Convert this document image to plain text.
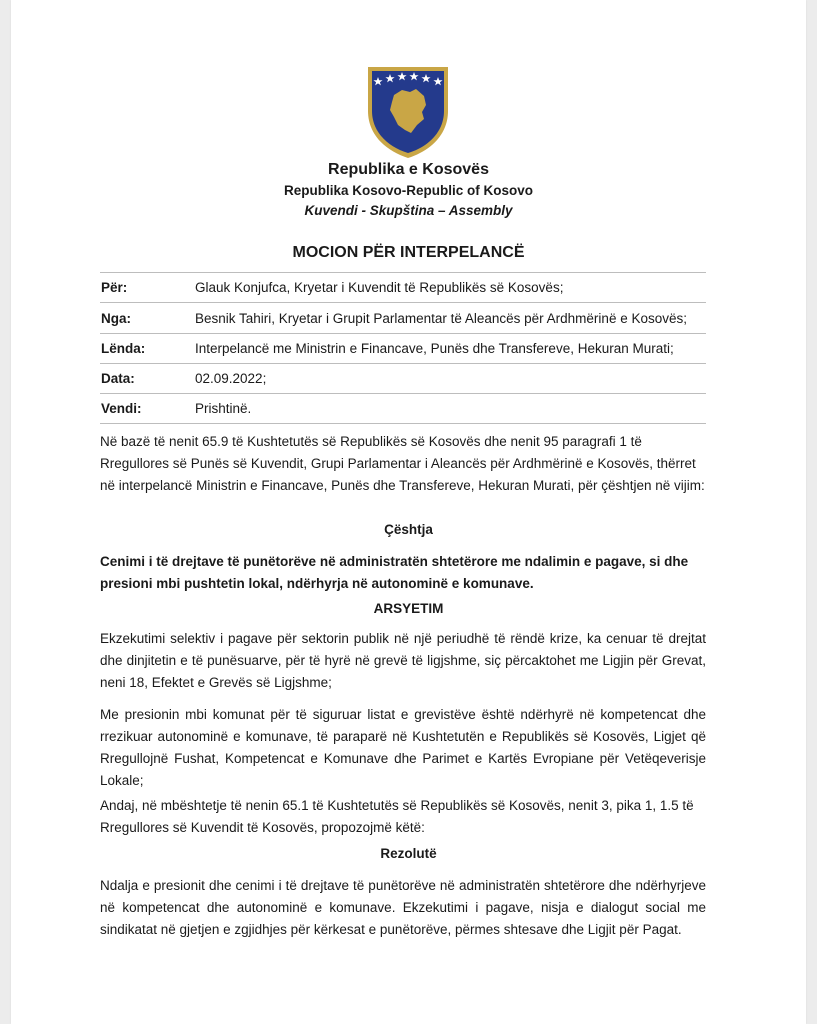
Republika e Kosovës
Republika Kosovo-Republic of Kosovo
Kuvendi - Skupština – Assembly
MOCION PËR INTERPELANCË
Për:	Glauk Konjufca, Kryetar i Kuvendit të Republikës së Kosovës;
Nga:	Besnik Tahiri, Kryetar i Grupit Parlamentar të Aleancës për Ardhmërinë e Kosovës;
Lënda:	Interpelancë me Ministrin e Financave, Punës dhe Transfereve, Hekuran Murati;
Data:	02.09.2022;
Vendi:	Prishtinë.

Në bazë të nenit 65.9 të Kushtetutës së Republikës së Kosovës dhe nenit 95 paragrafi 1 të Rregullores së Punës së Kuvendit, Grupi Parlamentar i Aleancës për Ardhmërinë e Kosovës, thërret në interpelancë Ministrin e Financave, Punës dhe Transfereve, Hekuran Murati, për çështjen në vijim:

Çështja

Cenimi i të drejtave të punëtorëve në administratën shtetërore me ndalimin e pagave, si dhe presioni mbi pushtetin lokal, ndërhyrja në autonominë e komunave.

ARSYETIM

Ekzekutimi selektiv i pagave për sektorin publik në një periudhë të rëndë krize, ka cenuar të drejtat dhe dinjitetin e të punësuarve, për të hyrë në grevë të ligjshme, siç përcaktohet me Ligjin për Grevat, neni 18, Efektet e Grevës së Ligjshme;

Me presionin mbi komunat për të siguruar listat e grevistëve është ndërhyrë në kompetencat dhe rrezikuar autonominë e komunave, të paraparë në Kushtetutën e Republikës së Kosovës, Ligjet që Rregullojnë Fushat, Kompetencat e Komunave dhe Parimet e Kartës Evropiane për Vetëqeverisje Lokale;

Andaj, në mbështetje të nenin 65.1 të Kushtetutës së Republikës së Kosovës, nenit 3, pika 1, 1.5 të Rregullores së Kuvendit të Kosovës, propozojmë këtë:

Rezolutë

Ndalja e presionit dhe cenimi i të drejtave të punëtorëve në administratën shtetërore dhe ndërhyrjeve në kompetencat dhe autonominë e komunave. Ekzekutimi i pagave, nisja e dialogut social me sindikatat në gjetjen e zgjidhjes për kërkesat e punëtorëve, përmes shtesave dhe Ligjit për Pagat.
